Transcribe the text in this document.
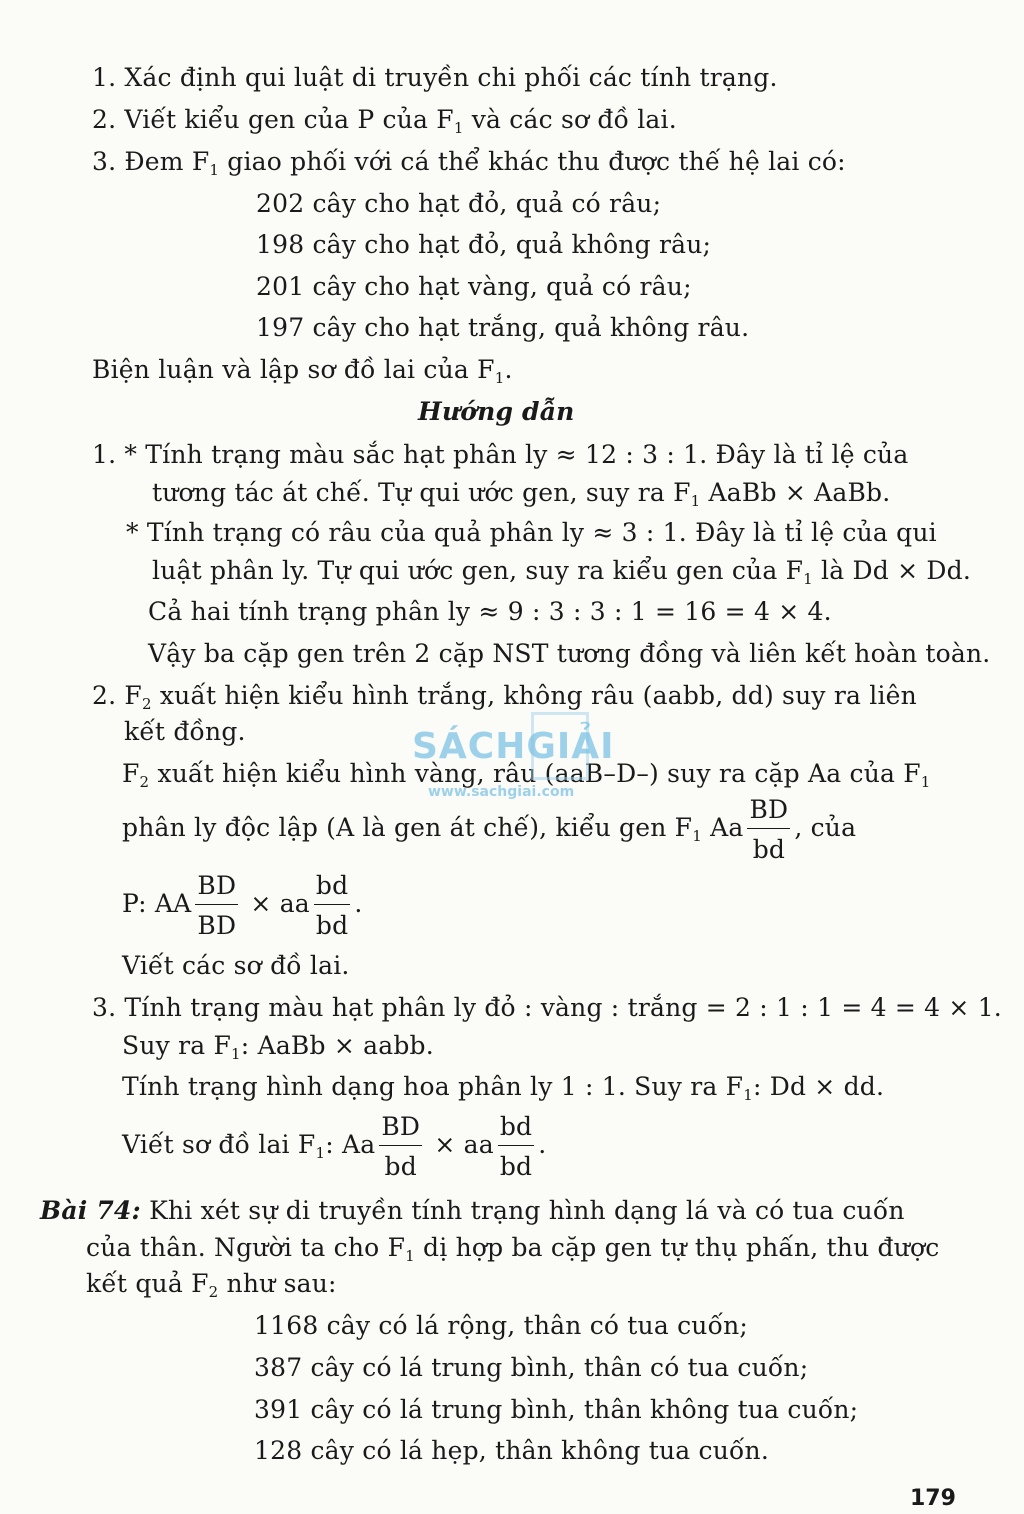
1. Xác định qui luật di truyền chi phối các tính trạng.
2. Viết kiểu gen của P của $F_1$ và các sơ đồ lai.
3. Đem $F_1$ giao phối với cá thể khác thu được thế hệ lai có:
202 cây cho hạt đỏ, quả có râu;
198 cây cho hạt đỏ, quả không râu;
201 cây cho hạt vàng, quả có râu;
197 cây cho hạt trắng, quả không râu.
Biện luận và lập sơ đồ lai của $F_1$.
Hướng dẫn
1. * Tính trạng màu sắc hạt phân ly ≈ 12 : 3 : 1. Đây là tỉ lệ của
tương tác át chế. Tự qui ước gen, suy ra $F_1$ AaBb × AaBb.
* Tính trạng có râu của quả phân ly ≈ 3 : 1. Đây là tỉ lệ của qui
luật phân ly. Tự qui ước gen, suy ra kiểu gen của $F_1$ là Dd × Dd.
Cả hai tính trạng phân ly ≈ 9 : 3 : 3 : 1 = 16 = 4 × 4.
Vậy ba cặp gen trên 2 cặp NST tương đồng và liên kết hoàn toàn.
2. $F_2$ xuất hiện kiểu hình trắng, không râu (aabb, dd) suy ra liên
kết đồng.
$F_2$ xuất hiện kiểu hình vàng, râu (aaB–D–) suy ra cặp Aa của $F_1$
phân ly độc lập (A là gen át chế), kiểu gen $F_1$ Aa $\frac{BD}{bd}$ , của
P: AA $\frac{BD}{BD}$ × aa $\frac{bd}{bd}$ .
Viết các sơ đồ lai.
3. Tính trạng màu hạt phân ly đỏ : vàng : trắng = 2 : 1 : 1 = 4 = 4 × 1.
Suy ra $F_1$: AaBb × aabb.
Tính trạng hình dạng hoa phân ly 1 : 1. Suy ra $F_1$: Dd × dd.
Viết sơ đồ lai $F_1$: Aa $\frac{BD}{bd}$ × aa $\frac{bd}{bd}$ .
Bài 74: Khi xét sự di truyền tính trạng hình dạng lá và có tua cuốn
của thân. Người ta cho $F_1$ dị hợp ba cặp gen tự thụ phấn, thu được
kết quả $F_2$ như sau:
1168 cây có lá rộng, thân có tua cuốn;
387 cây có lá trung bình, thân có tua cuốn;
391 cây có lá trung bình, thân không tua cuốn;
128 cây có lá hẹp, thân không tua cuốn.
SÁCHGIẢI
www.sachgiai.com
179
